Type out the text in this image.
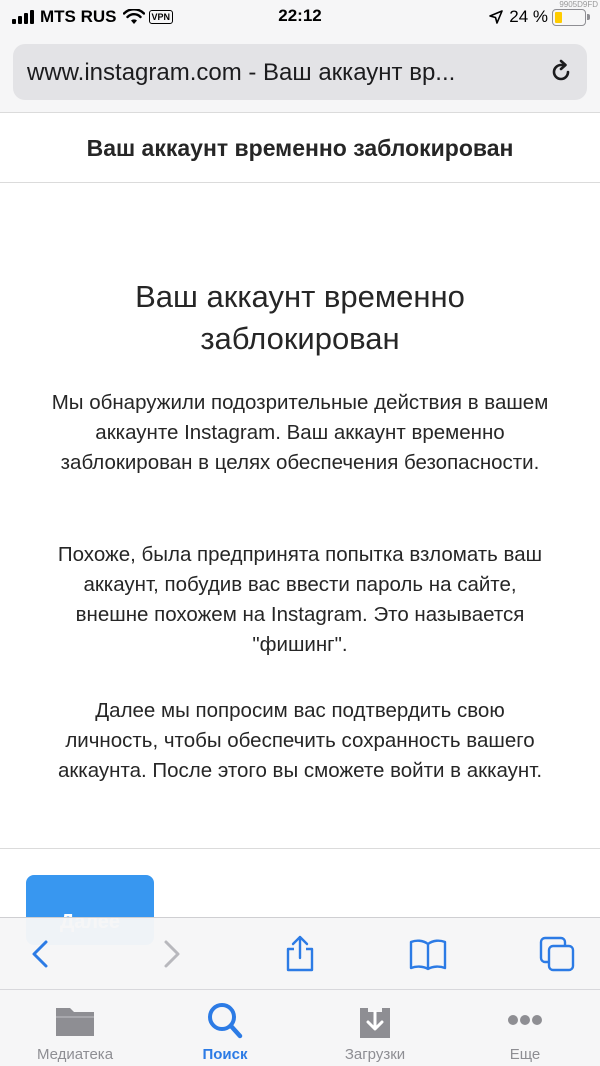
MTS RUS	VPN	22:12	24 %
9905D9FD
www.instagram.com - Ваш аккаунт вр...
Ваш аккаунт временно заблокирован
Ваш аккаунт временно заблокирован

Мы обнаружили подозрительные действия в вашем аккаунте Instagram. Ваш аккаунт временно заблокирован в целях обеспечения безопасности.

Похоже, была предпринята попытка взломать ваш аккаунт, побудив вас ввести пароль на сайте, внешне похожем на Instagram. Это называется "фишинг".

Далее мы попросим вас подтвердить свою личность, чтобы обеспечить сохранность вашего аккаунта. После этого вы сможете войти в аккаунт.

Медиатека	Поиск	Загрузки	Еще
